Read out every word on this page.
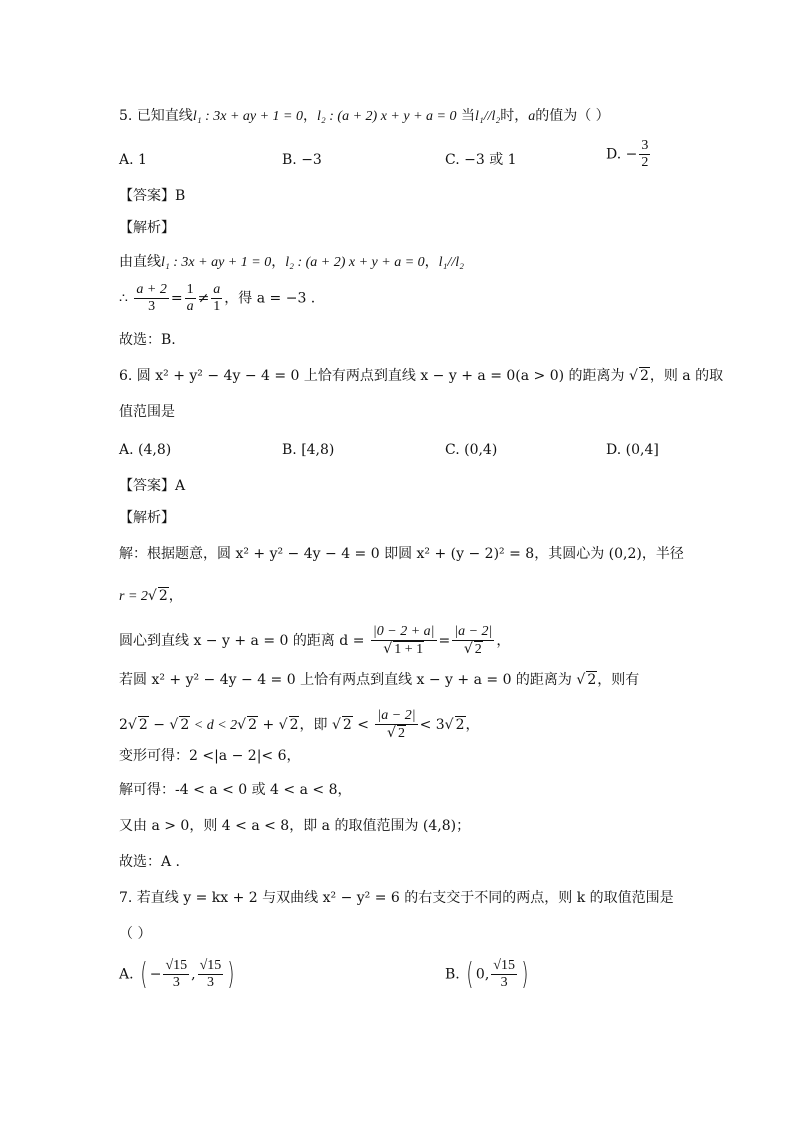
5. 已知直线l₁ : 3x + ay + 1 = 0，l₂ : (a + 2) x + y + a = 0 当l₁//l₂时，a的值为（ ）
A. 1	B. −3	C. −3 或 1	D. − $\frac{3}{2}$
【答案】B
【解析】
由直线l₁ : 3x + ay + 1 = 0，l₂ : (a + 2) x + y + a = 0，l₁//l₂
∴ $\frac{a + 2}{3} = \frac{1}{a} \ne \frac{a}{1}$ ，得 a = −3 .
故选：B.
6. 圆 x² + y² − 4y − 4 = 0 上恰有两点到直线 x − y + a = 0(a > 0) 的距离为 √ 2，则 a 的取
值范围是
A. (4,8)	B. [4,8)	C. (0,4)	D. (0,4]
【答案】A
【解析】
解：根据题意，圆 x² + y² − 4y − 4 = 0 即圆 x² + (y − 2)² = 8，其圆心为 (0,2)，半径
r = 2√ 2，
圆心到直线 x − y + a = 0 的距离 $d = \frac{|0 - 2 + a|}{√ 1 + 1} = \frac{|a - 2|}{√ 2}$ ，
若圆 x² + y² − 4y − 4 = 0 上恰有两点到直线 x − y + a = 0 的距离为 √ 2，则有
2√ 2 − √ 2 < d < 2√ 2 + √ 2，即 √ $2 < \frac{|a - 2|}{√ 2} < 3√$ 2，
变形可得：2 <|a − 2|< 6，
解可得：-4 < a < 0 或 4 < a < 8，
又由 a > 0，则 4 < a < 8，即 a 的取值范围为 (4,8)；
故选：A .
7. 若直线 y = kx + 2 与双曲线 x² − y² = 6 的右支交于不同的两点，则 k 的取值范围是
（ ）
A. ( − $\frac{√15}{3}$ , $\frac{√15}{3}$ )	B. ( 0, $\frac{√15}{3}$ )
